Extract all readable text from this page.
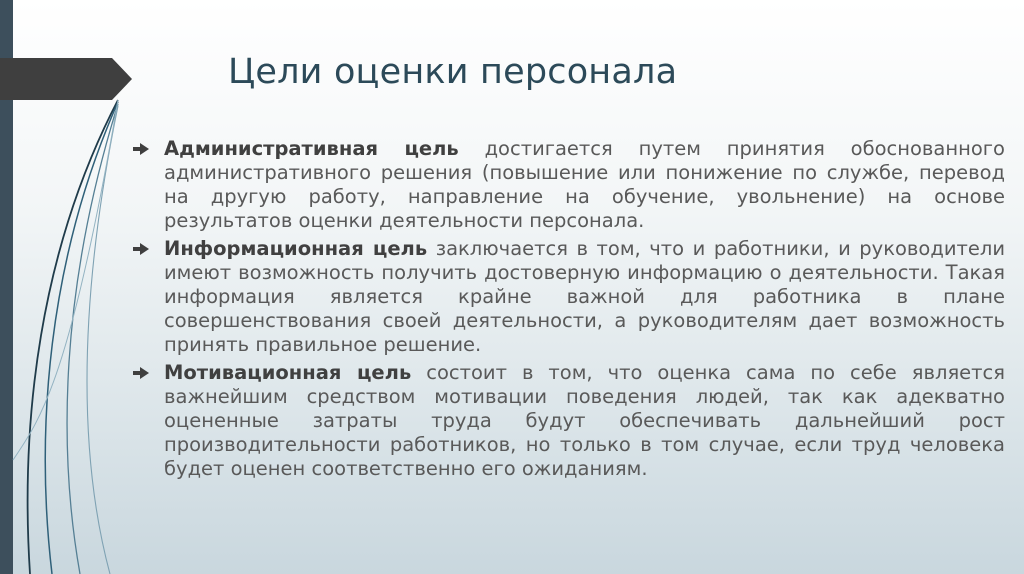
Цели оценки персонала
Административная цель достигается путем принятия обоснованного административного решения (повышение или понижение по службе, перевод на другую работу, направление на обучение, увольнение) на основе результатов оценки деятельности персонала.
Информационная цель заключается в том, что и работники, и руководители имеют возможность получить достоверную информацию о деятельности. Такая информация является крайне важной для работника в плане совершенствования своей деятельности, а руководителям дает возможность принять правильное решение.
Мотивационная цель состоит в том, что оценка сама по себе является важнейшим средством мотивации поведения людей, так как адекватно оцененные затраты труда будут обеспечивать дальнейший рост производительности работников, но только в том случае, если труд человека будет оценен соответственно его ожиданиям.
